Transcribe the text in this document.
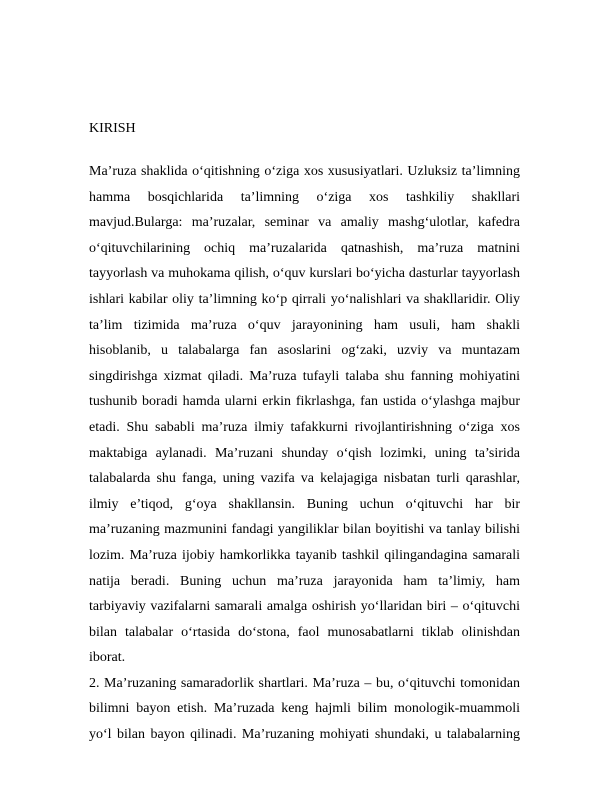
KIRISH
Ma’ruza shaklida o‘qitishning o‘ziga xos xususiyatlari. Uzluksiz ta’limning
hamma bosqichlarida ta’limning o‘ziga xos tashkiliy shakllari
mavjud.Bularga: ma’ruzalar, seminar va amaliy mashg‘ulotlar, kafedra
o‘qituvchilarining ochiq ma’ruzalarida qatnashish, ma’ruza matnini
tayyorlash va muhokama qilish, o‘quv kurslari bo‘yicha dasturlar tayyorlash
ishlari kabilar oliy ta’limning ko‘p qirrali yo‘nalishlari va shakllaridir. Oliy
ta’lim tizimida ma’ruza o‘quv jarayonining ham usuli, ham shakli
hisoblanib, u talabalarga fan asoslarini og‘zaki, uzviy va muntazam
singdirishga xizmat qiladi. Ma’ruza tufayli talaba shu fanning mohiyatini
tushunib boradi hamda ularni erkin fikrlashga, fan ustida o‘ylashga majbur
etadi. Shu sababli ma’ruza ilmiy tafakkurni rivojlantirishning o‘ziga xos
maktabiga aylanadi. Ma’ruzani shunday o‘qish lozimki, uning ta’sirida
talabalarda shu fanga, uning vazifa va kelajagiga nisbatan turli qarashlar,
ilmiy e’tiqod, g‘oya shakllansin. Buning uchun o‘qituvchi har bir
ma’ruzaning mazmunini fandagi yangiliklar bilan boyitishi va tanlay bilishi
lozim. Ma’ruza ijobiy hamkorlikka tayanib tashkil qilingandagina samarali
natija beradi. Buning uchun ma’ruza jarayonida ham ta’limiy, ham
tarbiyaviy vazifalarni samarali amalga oshirish yo‘llaridan biri – o‘qituvchi
bilan talabalar o‘rtasida do‘stona, faol munosabatlarni tiklab olinishdan
iborat.
2. Ma’ruzaning samaradorlik shartlari. Ma’ruza – bu, o‘qituvchi tomonidan
bilimni bayon etish. Ma’ruzada keng hajmli bilim monologik-muammoli
yo‘l bilan bayon qilinadi. Ma’ruzaning mohiyati shundaki, u talabalarning
